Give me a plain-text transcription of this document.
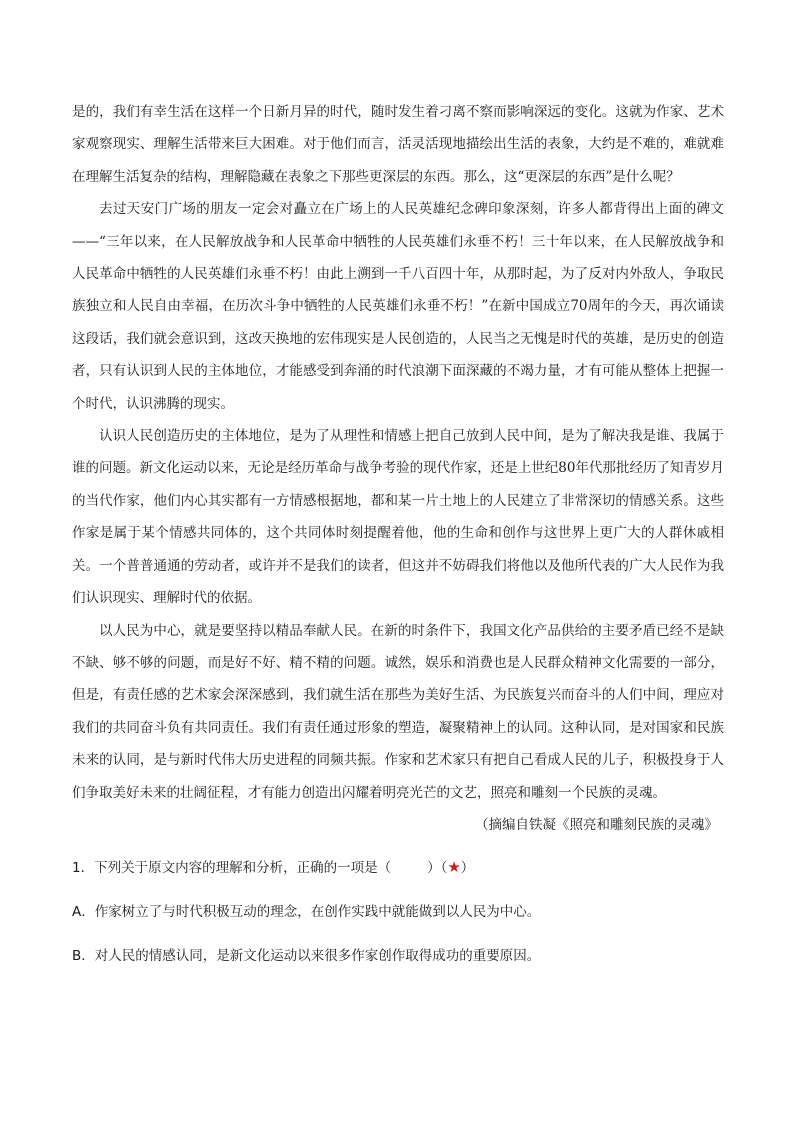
是的，我们有幸生活在这样一个日新月异的时代，随时发生着刁离不察而影响深远的变化。这就为作家、艺术家观察现实、理解生活带来巨大困难。对于他们而言，活灵活现地描绘出生活的表象，大约是不难的，难就难在理解生活复杂的结构，理解隐藏在表象之下那些更深层的东西。那么，这“更深层的东西”是什么呢？

去过天安门广场的朋友一定会对矗立在广场上的人民英雄纪念碑印象深刻，许多人都背得出上面的碑文——“三年以来，在人民解放战争和人民革命中牺牲的人民英雄们永垂不朽！三十年以来，在人民解放战争和人民革命中牺牲的人民英雄们永垂不朽！由此上溯到一千八百四十年，从那时起，为了反对内外敌人，争取民族独立和人民自由幸福，在历次斗争中牺牲的人民英雄们永垂不朽！”在新中国成立70周年的今天，再次诵读这段话，我们就会意识到，这改天换地的宏伟现实是人民创造的，人民当之无愧是时代的英雄，是历史的创造者，只有认识到人民的主体地位，才能感受到奔涌的时代浪潮下面深藏的不竭力量，才有可能从整体上把握一个时代，认识沸腾的现实。

认识人民创造历史的主体地位，是为了从理性和情感上把自己放到人民中间，是为了解决我是谁、我属于谁的问题。新文化运动以来，无论是经历革命与战争考验的现代作家，还是上世纪80年代那批经历了知青岁月的当代作家，他们内心其实都有一方情感根据地，都和某一片土地上的人民建立了非常深切的情感关系。这些作家是属于某个情感共同体的，这个共同体时刻提醒着他，他的生命和创作与这世界上更广大的人群休戚相关。一个普普通通的劳动者，或许并不是我们的读者，但这并不妨碍我们将他以及他所代表的广大人民作为我们认识现实、理解时代的依据。

以人民为中心，就是要坚持以精品奉献人民。在新的时条件下，我国文化产品供给的主要矛盾已经不是缺不缺、够不够的问题，而是好不好、精不精的问题。诚然，娱乐和消费也是人民群众精神文化需要的一部分，但是，有责任感的艺术家会深深感到，我们就生活在那些为美好生活、为民族复兴而奋斗的人们中间，理应对我们的共同奋斗负有共同责任。我们有责任通过形象的塑造，凝聚精神上的认同。这种认同，是对国家和民族未来的认同，是与新时代伟大历史进程的同频共振。作家和艺术家只有把自己看成人民的儿子，积极投身于人们争取美好未来的壮阔征程，才有能力创造出闪耀着明亮光芒的文艺，照亮和雕刻一个民族的灵魂。

（摘编自铁凝《照亮和雕刻民族的灵魂》

1．下列关于原文内容的理解和分析，正确的一项是（	）（★）

A．作家树立了与时代积极互动的理念，在创作实践中就能做到以人民为中心。

B．对人民的情感认同，是新文化运动以来很多作家创作取得成功的重要原因。
